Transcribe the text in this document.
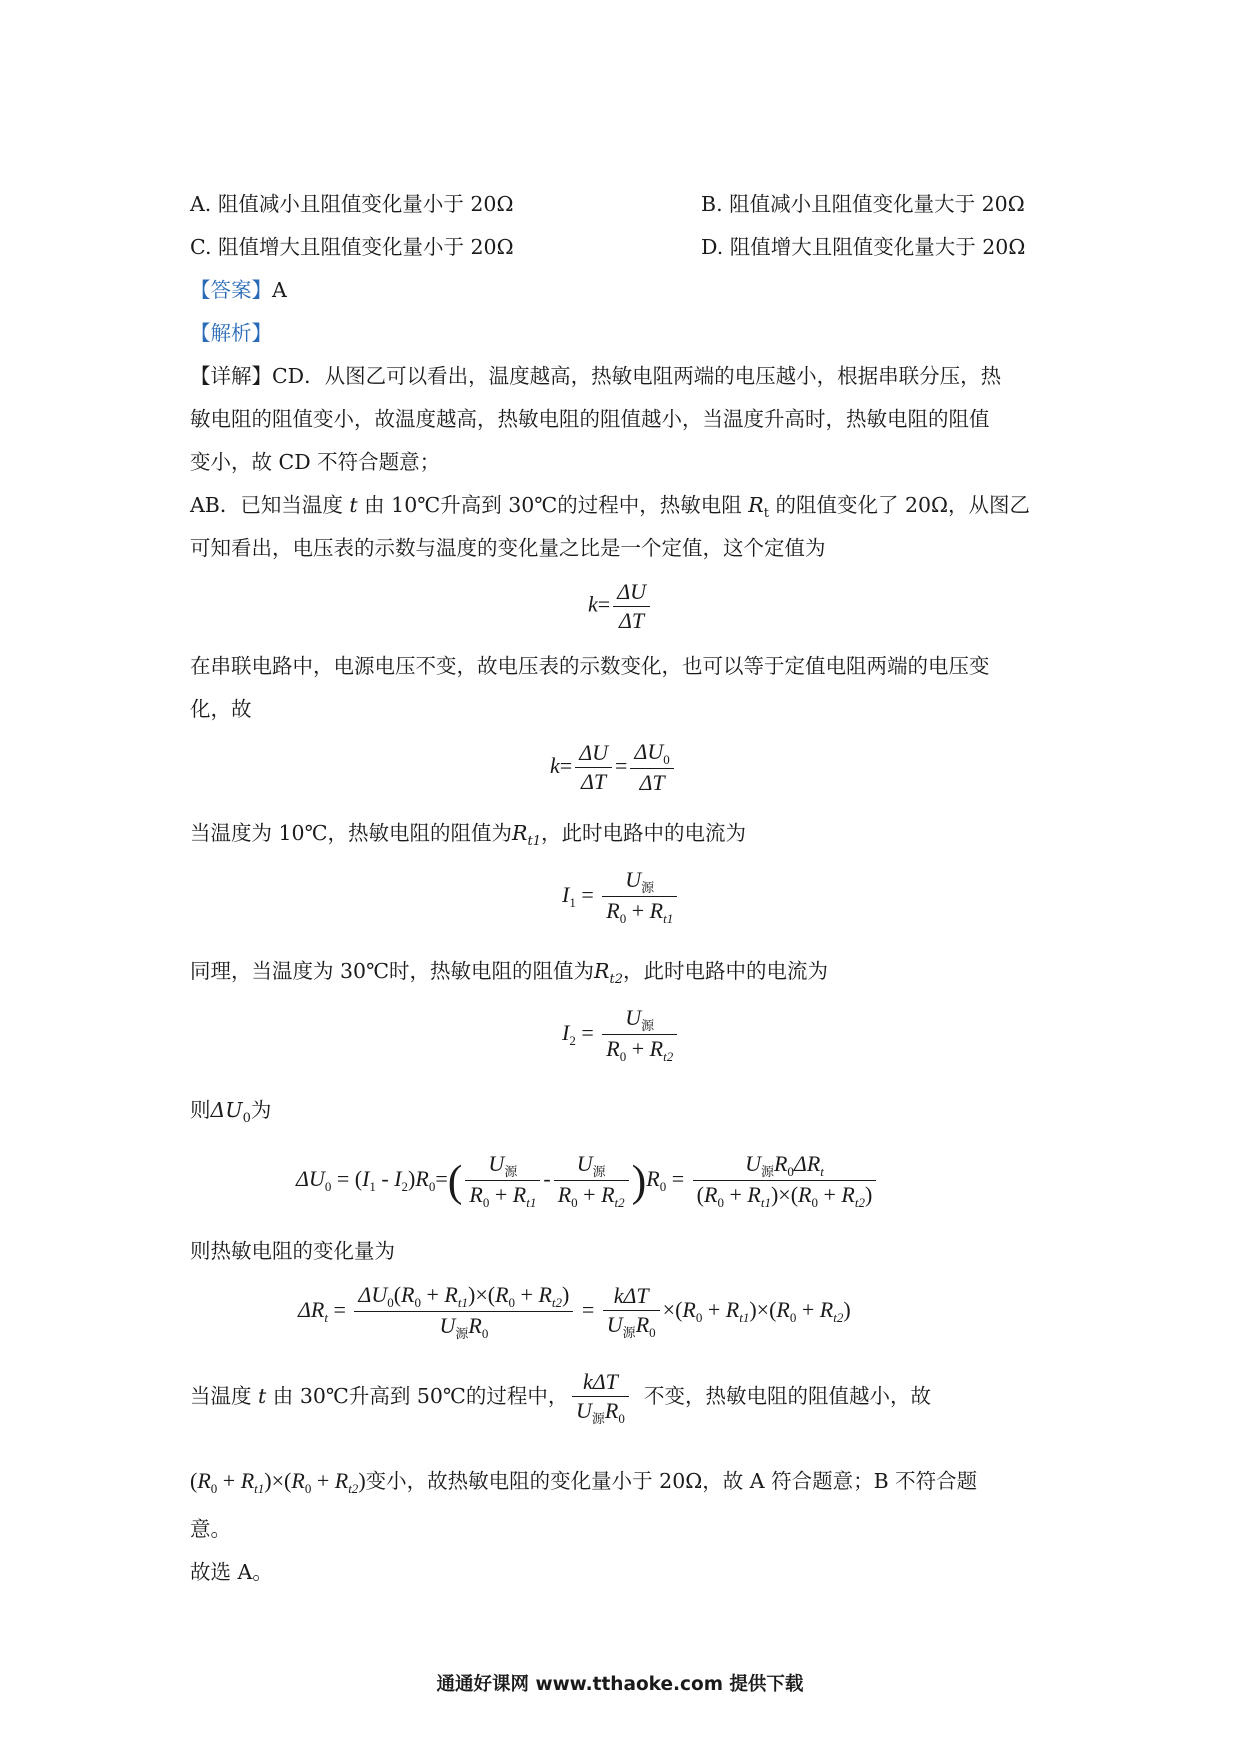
A. 阻值减小且阻值变化量小于 20Ω	B. 阻值减小且阻值变化量大于 20Ω
C. 阻值增大且阻值变化量小于 20Ω	D. 阻值增大且阻值变化量大于 20Ω
【答案】A
【解析】
【详解】CD．从图乙可以看出，温度越高，热敏电阻两端的电压越小，根据串联分压，热
敏电阻的阻值变小，故温度越高，热敏电阻的阻值越小，当温度升高时，热敏电阻的阻值
变小，故 CD 不符合题意；
AB．已知当温度 t 由 10℃升高到 30℃的过程中，热敏电阻 $R_t$ 的阻值变化了 20Ω，从图乙
可知看出，电压表的示数与温度的变化量之比是一个定值，这个定值为
$k= \frac{\Delta U}{\Delta T}$
在串联电路中，电源电压不变，故电压表的示数变化，也可以等于定值电阻两端的电压变
化，故
$k= \frac{\Delta U}{\Delta T} = \frac{\Delta U_0}{\Delta T}$
当温度为 10℃，热敏电阻的阻值为$R_{t1}$，此时电路中的电流为
$I_1 = \frac{U_源}{R_0 + R_{t1}}$
同理，当温度为 30℃时，热敏电阻的阻值为$R_{t2}$，此时电路中的电流为
$I_2 = \frac{U_源}{R_0 + R_{t2}}$
则$\Delta U_0$为
$\Delta U_0 = (I_1 - I_2)R_0=( \frac{U_源}{R_0 + R_{t1}} - \frac{U_源}{R_0 + R_{t2}} )R_0 = \frac{U_源R_0\Delta R_t}{(R_0 + R_{t1})\times(R_0 + R_{t2})}$
则热敏电阻的变化量为
$\Delta R_t = \frac{\Delta U_0(R_0 + R_{t1})\times(R_0 + R_{t2})}{U_源R_0} = \frac{\text{kΔT}}{U_源R_0} \times(R_0 + R_{t1})\times(R_0 + R_{t2})$
当温度 t 由 30℃升高到 50℃的过程中， $\frac{\text{kΔT}}{U_源R_0}$ 不变，热敏电阻的阻值越小，故
$(R_0 + R_{t1})\times(R_0 + R_{t2})$变小，故热敏电阻的变化量小于 20Ω，故 A 符合题意；B 不符合题
意。
故选 A。
通通好课网 www.tthaoke.com 提供下载
